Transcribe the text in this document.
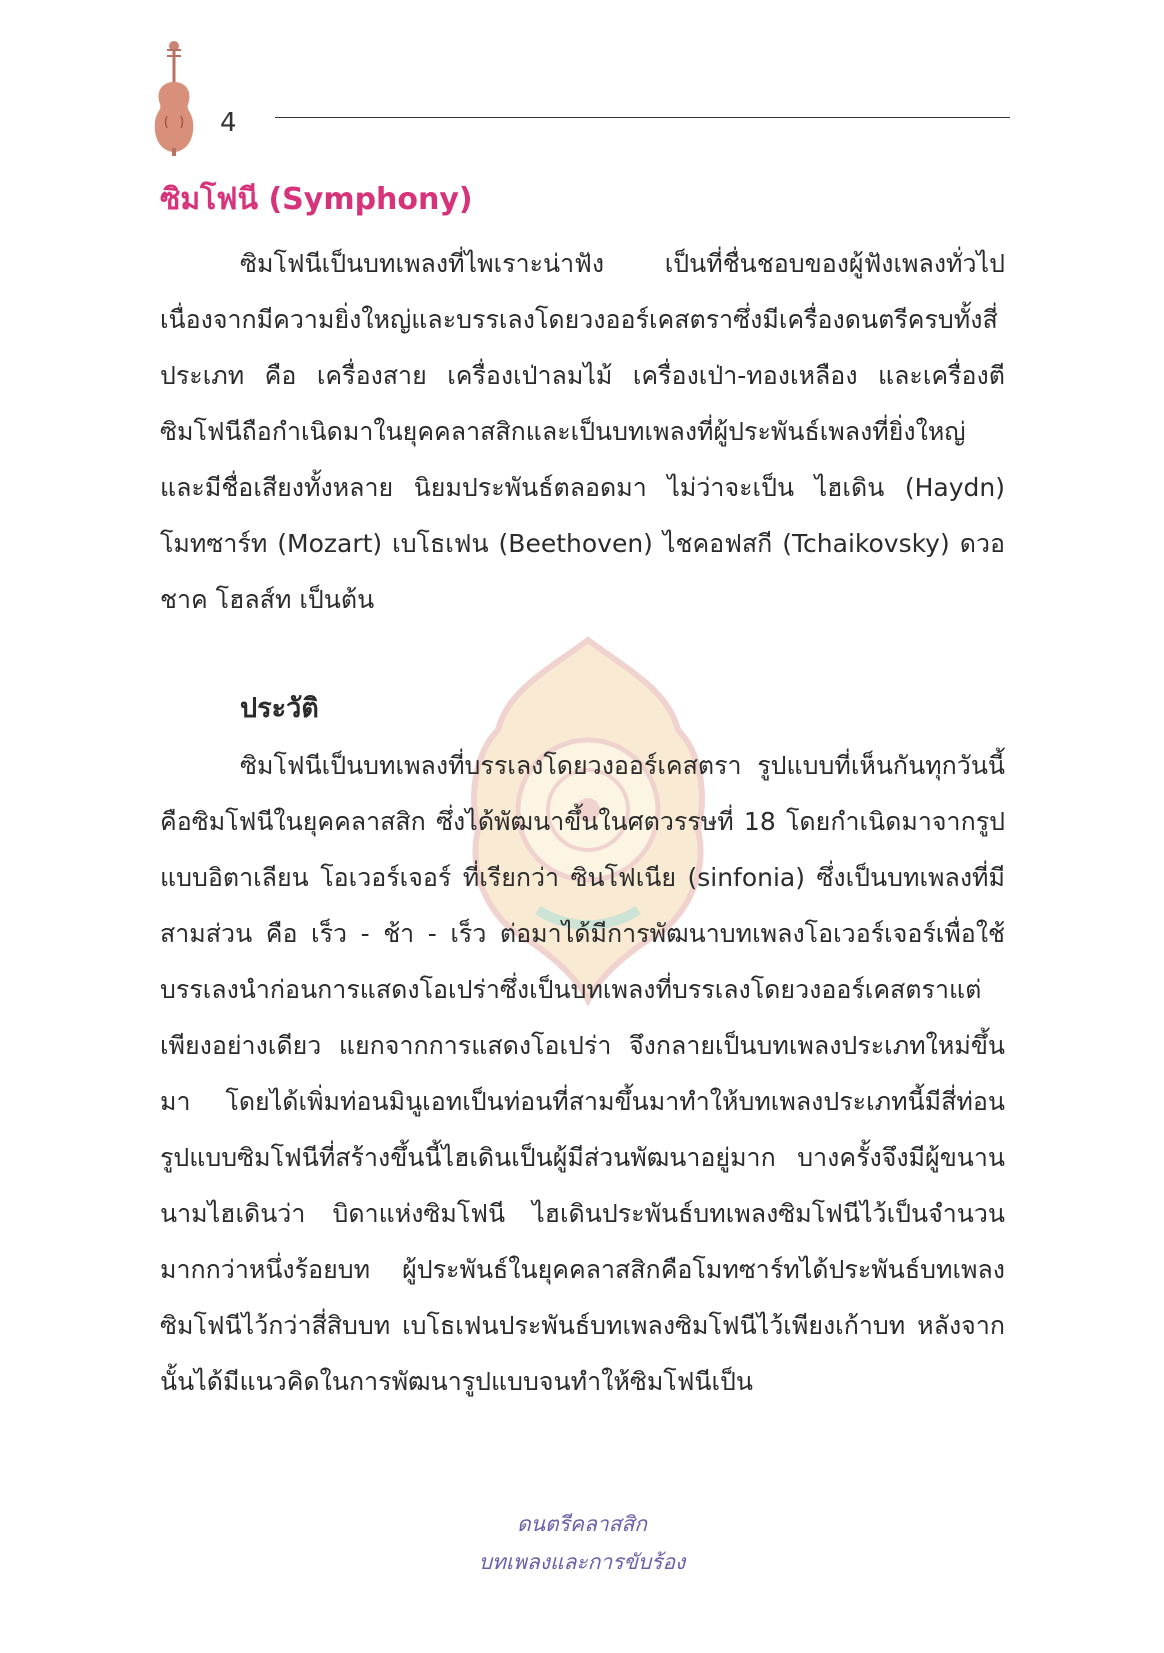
4
ซิมโฟนี (Symphony)

ซิมโฟนีเป็นบทเพลงที่ไพเราะน่าฟัง เป็นที่ชื่นชอบของผู้ฟังเพลงทั่วไป เนื่องจากมีความยิ่งใหญ่และบรรเลงโดยวงออร์เคสตราซึ่งมีเครื่องดนตรีครบทั้งสี่ประเภท คือ เครื่องสาย เครื่องเป่าลมไม้ เครื่องเป่า-ทองเหลือง และเครื่องตี ซิมโฟนีถือกำเนิดมาในยุคคลาสสิกและเป็นบทเพลงที่ผู้ประพันธ์เพลงที่ยิ่งใหญ่ และมีชื่อเสียงทั้งหลาย นิยมประพันธ์ตลอดมา ไม่ว่าจะเป็น ไฮเดิน (Haydn) โมทซาร์ท (Mozart) เบโธเฟน (Beethoven) ไชคอฟสกี (Tchaikovsky) ดวอชาค โฮลส์ท เป็นต้น

ประวัติ

ซิมโฟนีเป็นบทเพลงที่บรรเลงโดยวงออร์เคสตรา รูปแบบที่เห็นกันทุกวันนี้คือซิมโฟนีในยุคคลาสสิก ซึ่งได้พัฒนาขึ้นในศตวรรษที่ 18 โดยกำเนิดมาจากรูปแบบอิตาเลียน โอเวอร์เจอร์ ที่เรียกว่า ซินโฟเนีย (sinfonia) ซึ่งเป็นบทเพลงที่มีสามส่วน คือ เร็ว - ช้า - เร็ว ต่อมาได้มีการพัฒนาบทเพลงโอเวอร์เจอร์เพื่อใช้บรรเลงนำก่อนการแสดงโอเปร่าซึ่งเป็นบทเพลงที่บรรเลงโดยวงออร์เคสตราแต่เพียงอย่างเดียว แยกจากการแสดงโอเปร่า จึงกลายเป็นบทเพลงประเภทใหม่ขึ้นมา โดยได้เพิ่มท่อนมินูเอทเป็นท่อนที่สามขึ้นมาทำให้บทเพลงประเภทนี้มีสี่ท่อน รูปแบบซิมโฟนีที่สร้างขึ้นนี้ไฮเดินเป็นผู้มีส่วนพัฒนาอยู่มาก บางครั้งจึงมีผู้ขนานนามไฮเดินว่า บิดาแห่งซิมโฟนี ไฮเดินประพันธ์บทเพลงซิมโฟนีไว้เป็นจำนวนมากกว่าหนึ่งร้อยบท ผู้ประพันธ์ในยุคคลาสสิกคือโมทซาร์ทได้ประพันธ์บทเพลงซิมโฟนีไว้กว่าสี่สิบบท เบโธเฟนประพันธ์บทเพลงซิมโฟนีไว้เพียงเก้าบท หลังจากนั้นได้มีแนวคิดในการพัฒนารูปแบบจนทำให้ซิมโฟนีเป็น

ดนตรีคลาสสิก
บทเพลงและการขับร้อง
